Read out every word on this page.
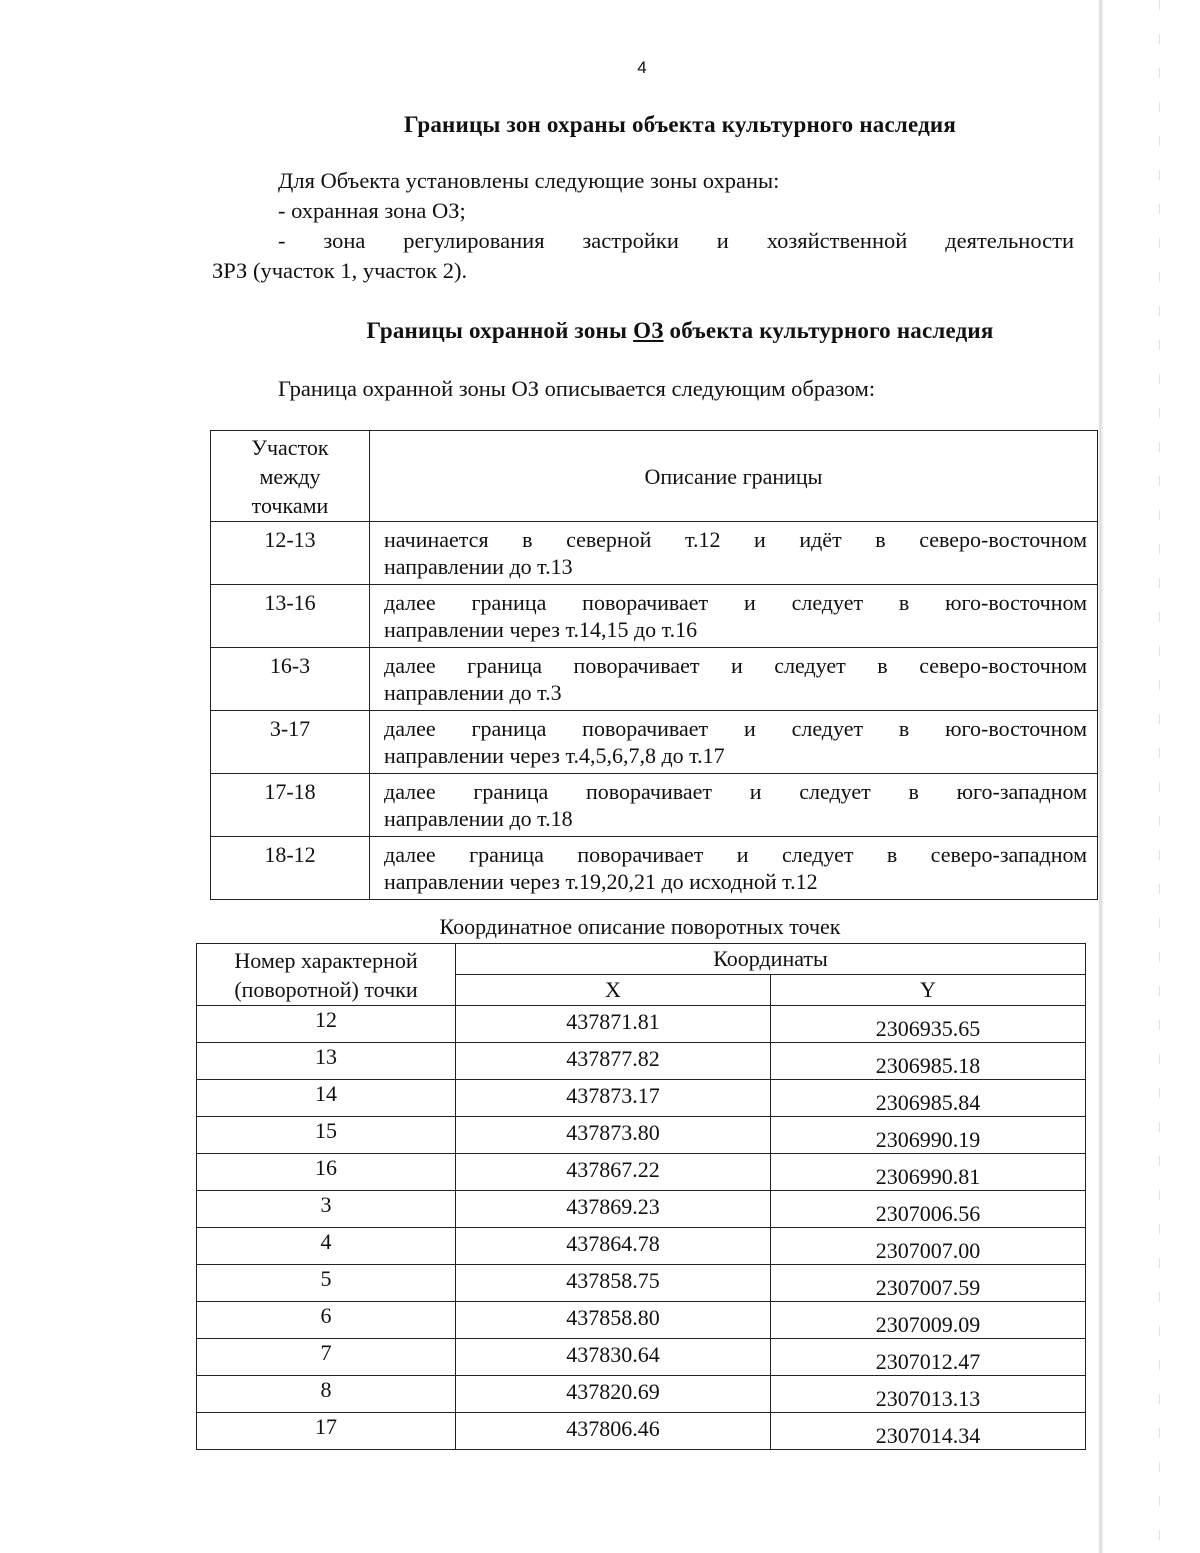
4
Границы зон охраны объекта культурного наследия
Для Объекта установлены следующие зоны охраны:
- охранная зона ОЗ;
- зона регулирования застройки и хозяйственной деятельности
ЗРЗ (участок 1, участок 2).
Границы охранной зоны ОЗ объекта культурного наследия
Граница охранной зоны ОЗ описывается следующим образом:
Участок
между
точками	Описание границы
12-13	начинается в северной т.12 и идёт в северо-восточном
направлении до т.13

13-16	далее граница поворачивает и следует в юго-восточном
направлении через т.14,15 до т.16

16-3	далее граница поворачивает и следует в северо-восточном
направлении до т.3

3-17	далее граница поворачивает и следует в юго-восточном
направлении через т.4,5,6,7,8 до т.17

17-18	далее граница поворачивает и следует в юго-западном
направлении до т.18

18-12	далее граница поворачивает и следует в северо-западном
направлении через т.19,20,21 до исходной т.12
Координатное описание поворотных точек
Номер характерной
(поворотной) точки	Координаты	
	X	Y
12	437871.81	2306935.65
13	437877.82	2306985.18
14	437873.17	2306985.84
15	437873.80	2306990.19
16	437867.22	2306990.81
3	437869.23	2307006.56
4	437864.78	2307007.00
5	437858.75	2307007.59
6	437858.80	2307009.09
7	437830.64	2307012.47
8	437820.69	2307013.13
17	437806.46	2307014.34
